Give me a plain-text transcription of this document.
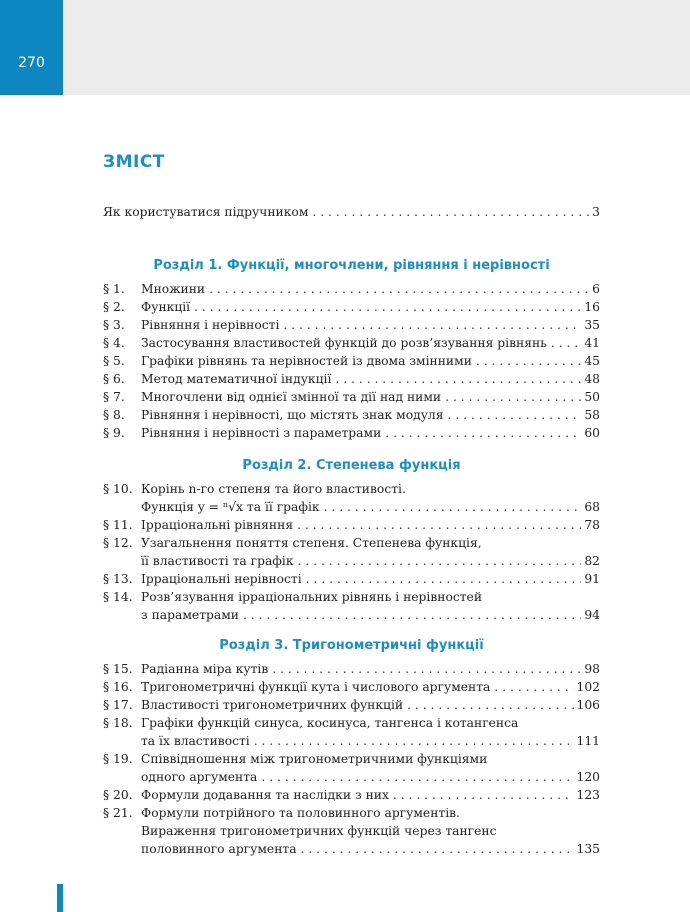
270
ЗМІСТ
Як користуватися підручником . . .	3
Розділ 1. Функції, многочлени, рівняння і нерівності
§ 1.	Множини . . .	6
§ 2.	Функції . . .	16
§ 3.	Рівняння і нерівності . . .	35
§ 4.	Застосування властивостей функцій до розв’язування рівнянь . . .	41
§ 5.	Графіки рівнянь та нерівностей із двома змінними . . .	45
§ 6.	Метод математичної індукції . . .	48
§ 7.	Многочлени від однієї змінної та дії над ними . . .	50
§ 8.	Рівняння і нерівності, що містять знак модуля . . .	58
§ 9.	Рівняння і нерівності з параметрами . . .	60
Розділ 2. Степенева функція
§ 10. Корінь n-го степеня та його властивості.
Функція y = ⁿ√x та її графік . . .	68
§ 11. Ірраціональні рівняння . . .	78
§ 12. Узагальнення поняття степеня. Степенева функція,
її властивості та графік . . .	82
§ 13. Ірраціональні нерівності . . .	91
§ 14. Розв’язування ірраціональних рівнянь і нерівностей
з параметрами . . .	94
Розділ 3. Тригонометричні функції
§ 15. Радіанна міра кутів . . .	98
§ 16. Тригонометричні функції кута і числового аргумента . . .	102
§ 17. Властивості тригонометричних функцій . . .	106
§ 18. Графіки функцій синуса, косинуса, тангенса і котангенса
та їх властивості . . .	111
§ 19. Співвідношення між тригонометричними функціями
одного аргумента . . .	120
§ 20. Формули додавання та наслідки з них . . .	123
§ 21. Формули потрійного та половинного аргументів.
Вираження тригонометричних функцій через тангенс
половинного аргумента . . .	135
